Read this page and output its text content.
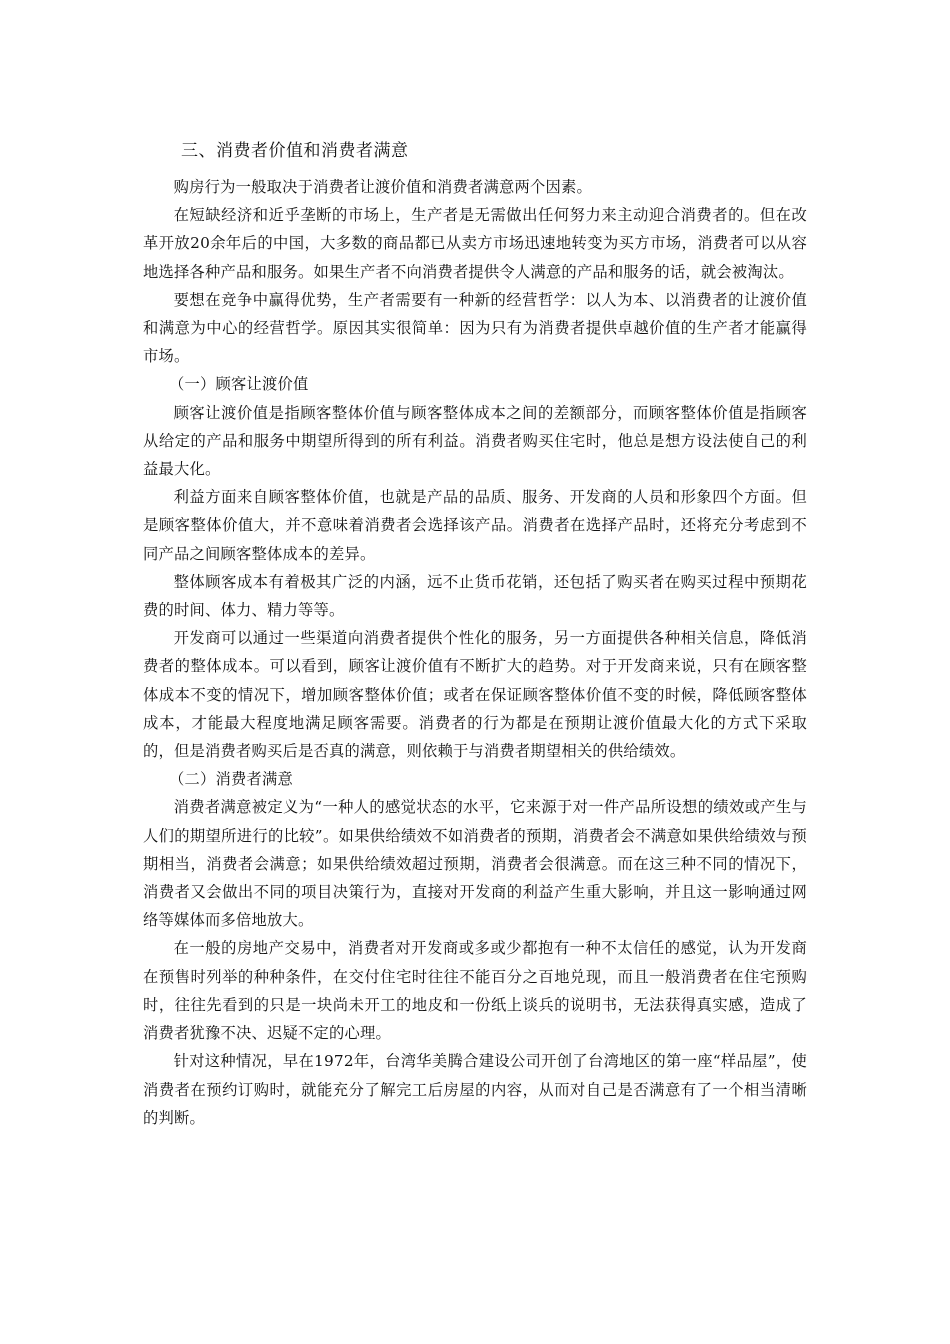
三、消费者价值和消费者满意

购房行为一般取决于消费者让渡价值和消费者满意两个因素。

在短缺经济和近乎垄断的市场上，生产者是无需做出任何努力来主动迎合消费者的。但在改革开放20余年后的中国，大多数的商品都已从卖方市场迅速地转变为买方市场，消费者可以从容地选择各种产品和服务。如果生产者不向消费者提供令人满意的产品和服务的话，就会被淘汰。

要想在竞争中赢得优势，生产者需要有一种新的经营哲学：以人为本、以消费者的让渡价值和满意为中心的经营哲学。原因其实很简单：因为只有为消费者提供卓越价值的生产者才能赢得市场。

（一）顾客让渡价值

顾客让渡价值是指顾客整体价值与顾客整体成本之间的差额部分，而顾客整体价值是指顾客从给定的产品和服务中期望所得到的所有利益。消费者购买住宅时，他总是想方设法使自己的利益最大化。

利益方面来自顾客整体价值，也就是产品的品质、服务、开发商的人员和形象四个方面。但是顾客整体价值大，并不意味着消费者会选择该产品。消费者在选择产品时，还将充分考虑到不同产品之间顾客整体成本的差异。

整体顾客成本有着极其广泛的内涵，远不止货币花销，还包括了购买者在购买过程中预期花费的时间、体力、精力等等。

开发商可以通过一些渠道向消费者提供个性化的服务，另一方面提供各种相关信息，降低消费者的整体成本。可以看到，顾客让渡价值有不断扩大的趋势。对于开发商来说，只有在顾客整体成本不变的情况下，增加顾客整体价值；或者在保证顾客整体价值不变的时候，降低顾客整体成本，才能最大程度地满足顾客需要。消费者的行为都是在预期让渡价值最大化的方式下采取的，但是消费者购买后是否真的满意，则依赖于与消费者期望相关的供给绩效。

（二）消费者满意

消费者满意被定义为“一种人的感觉状态的水平，它来源于对一件产品所设想的绩效或产生与人们的期望所进行的比较”。如果供给绩效不如消费者的预期，消费者会不满意如果供给绩效与预期相当，消费者会满意；如果供给绩效超过预期，消费者会很满意。而在这三种不同的情况下，消费者又会做出不同的项目决策行为，直接对开发商的利益产生重大影响，并且这一影响通过网络等媒体而多倍地放大。

在一般的房地产交易中，消费者对开发商或多或少都抱有一种不太信任的感觉，认为开发商在预售时列举的种种条件，在交付住宅时往往不能百分之百地兑现，而且一般消费者在住宅预购时，往往先看到的只是一块尚未开工的地皮和一份纸上谈兵的说明书，无法获得真实感，造成了消费者犹豫不决、迟疑不定的心理。

针对这种情况，早在1972年，台湾华美腾合建设公司开创了台湾地区的第一座“样品屋”，使消费者在预约订购时，就能充分了解完工后房屋的内容，从而对自己是否满意有了一个相当清晰的判断。
